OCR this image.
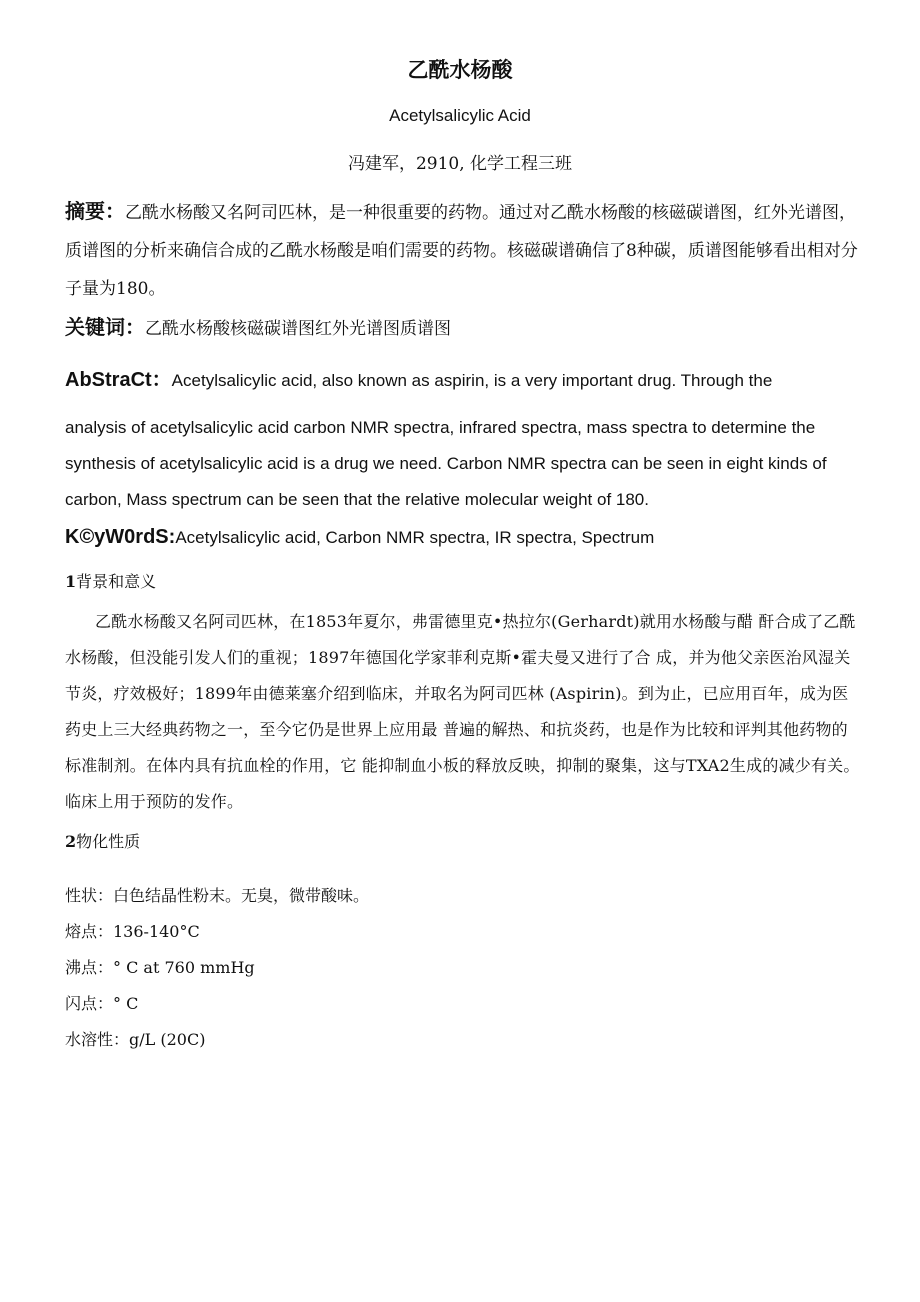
乙酰水杨酸
Acetylsalicylic Acid
冯建军，2910, 化学工程三班
摘要：乙酰水杨酸又名阿司匹林，是一种很重要的药物。通过对乙酰水杨酸的核磁碳谱图，红外光谱图，质谱图的分析来确信合成的乙酰水杨酸是咱们需要的药物。核磁碳谱确信了8种碳，质谱图能够看出相对分子量为180。
关键词：乙酰水杨酸核磁碳谱图红外光谱图质谱图
AbStraCt：Acetylsalicylic acid, also known as aspirin, is a very important drug. Through the
analysis of acetylsalicylic acid carbon NMR spectra, infrared spectra, mass spectra to determine the synthesis of acetylsalicylic acid is a drug we need. Carbon NMR spectra can be seen in eight kinds of carbon, Mass spectrum can be seen that the relative molecular weight of 180.
K©yW0rdS:Acetylsalicylic acid, Carbon NMR spectra, IR spectra, Spectrum
1背景和意义
乙酰水杨酸又名阿司匹林，在1853年夏尔，弗雷德里克•热拉尔(Gerhardt)就用水杨酸与醋 酐合成了乙酰水杨酸，但没能引发人们的重视；1897年德国化学家菲利克斯•霍夫曼又进行了合 成，并为他父亲医治风湿关节炎，疗效极好；1899年由德莱塞介绍到临床，并取名为阿司匹林 (Aspirin)。到为止，已应用百年，成为医药史上三大经典药物之一，至今它仍是世界上应用最 普遍的解热、和抗炎药，也是作为比较和评判其他药物的标准制剂。在体内具有抗血栓的作用，它 能抑制血小板的释放反映，抑制的聚集，这与TXA2生成的减少有关。临床上用于预防的发作。
2物化性质
性状：白色结晶性粉末。无臭，微带酸味。
熔点：136-140°C
沸点：° C at 760 mmHg
闪点：° C
水溶性：g/L (20C)
